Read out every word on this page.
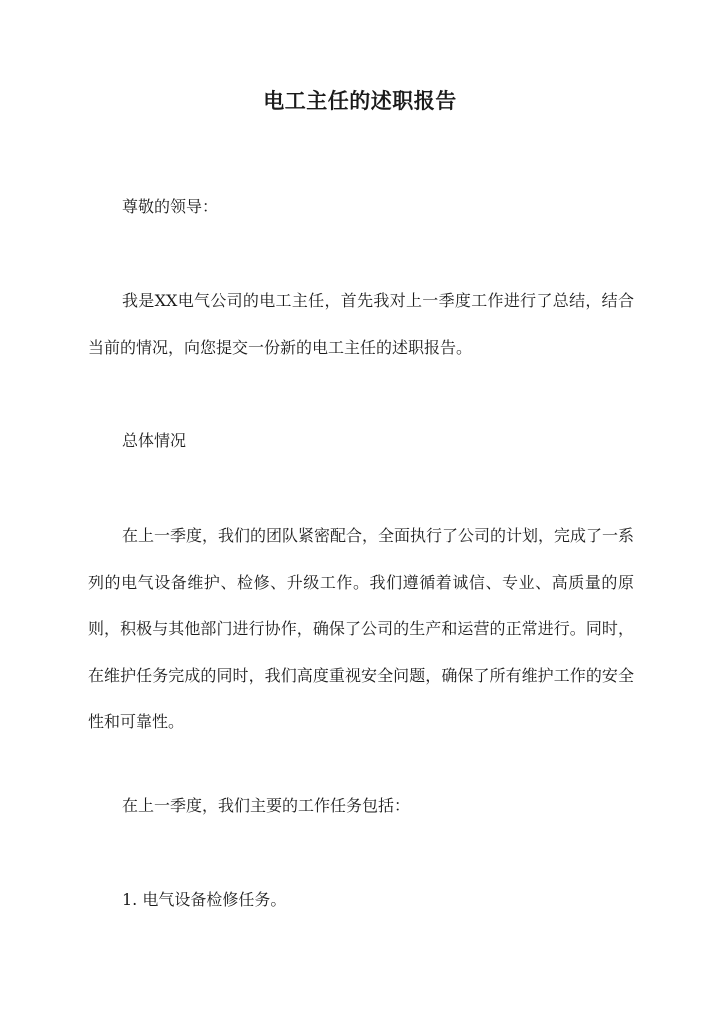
电工主任的述职报告

尊敬的领导：

我是XX电气公司的电工主任，首先我对上一季度工作进行了总结，结合当前的情况，向您提交一份新的电工主任的述职报告。

总体情况

在上一季度，我们的团队紧密配合，全面执行了公司的计划，完成了一系列的电气设备维护、检修、升级工作。我们遵循着诚信、专业、高质量的原则，积极与其他部门进行协作，确保了公司的生产和运营的正常进行。同时，在维护任务完成的同时，我们高度重视安全问题，确保了所有维护工作的安全性和可靠性。

在上一季度，我们主要的工作任务包括：

1. 电气设备检修任务。
